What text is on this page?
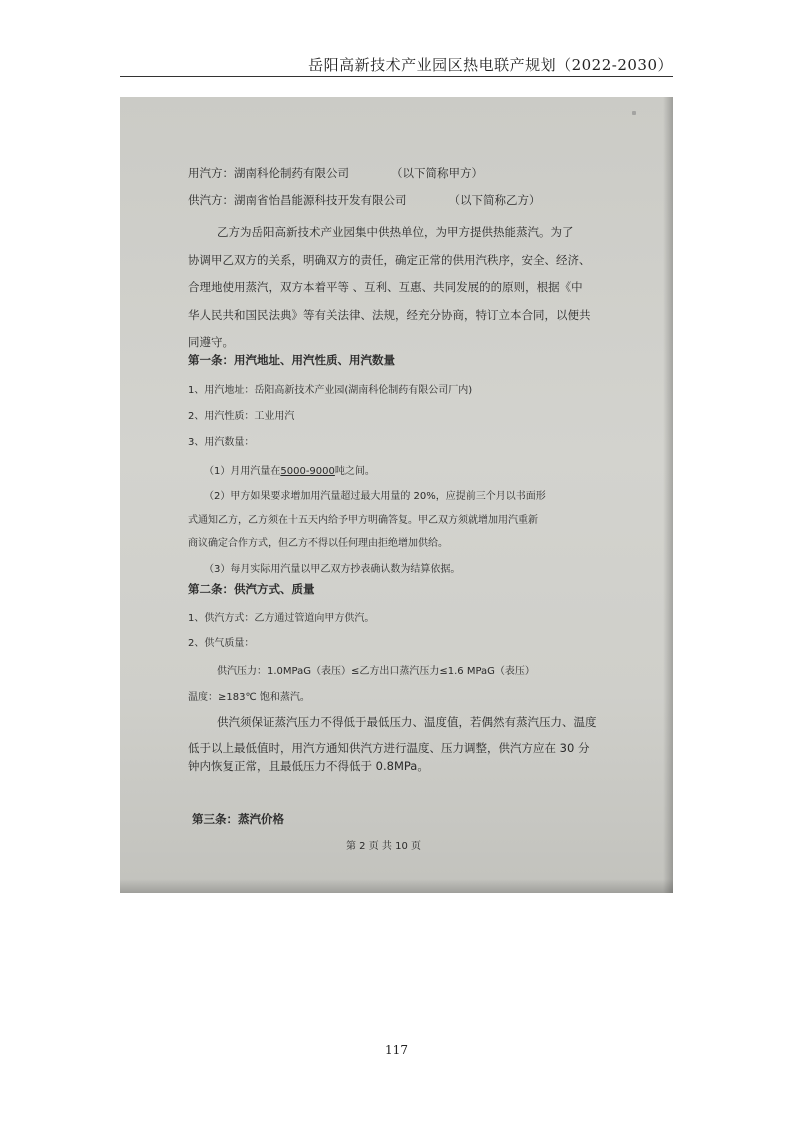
岳阳高新技术产业园区热电联产规划（2022-2030）
用汽方：湖南科伦制药有限公司	（以下简称甲方）
供汽方：湖南省怡昌能源科技开发有限公司	（以下简称乙方）
乙方为岳阳高新技术产业园集中供热单位，为甲方提供热能蒸汽。为了
协调甲乙双方的关系，明确双方的责任，确定正常的供用汽秩序，安全、经济、
合理地使用蒸汽，双方本着平等 、互利、互惠、共同发展的的原则，根据《中
华人民共和国民法典》等有关法律、法规，经充分协商，特订立本合同，以便共
同遵守。
第一条：用汽地址、用汽性质、用汽数量
1、用汽地址：岳阳高新技术产业园(湖南科伦制药有限公司厂内)
2、用汽性质：工业用汽
3、用汽数量：
（1）月用汽量在5000-9000吨之间。
（2）甲方如果要求增加用汽量超过最大用量的 20%，应提前三个月以书面形
式通知乙方，乙方须在十五天内给予甲方明确答复。甲乙双方须就增加用汽重新
商议确定合作方式，但乙方不得以任何理由拒绝增加供给。
（3）每月实际用汽量以甲乙双方抄表确认数为结算依据。
第二条：供汽方式、质量
1、供汽方式：乙方通过管道向甲方供汽。
2、供气质量：
供汽压力：1.0MPaG（表压）≤乙方出口蒸汽压力≤1.6 MPaG（表压）
温度：≥183℃ 饱和蒸汽。
供汽须保证蒸汽压力不得低于最低压力、温度值，若偶然有蒸汽压力、温度
低于以上最低值时，用汽方通知供汽方进行温度、压力调整，供汽方应在 30 分
钟内恢复正常，且最低压力不得低于 0.8MPa。
第三条：蒸汽价格
第 2 页 共 10 页
117
